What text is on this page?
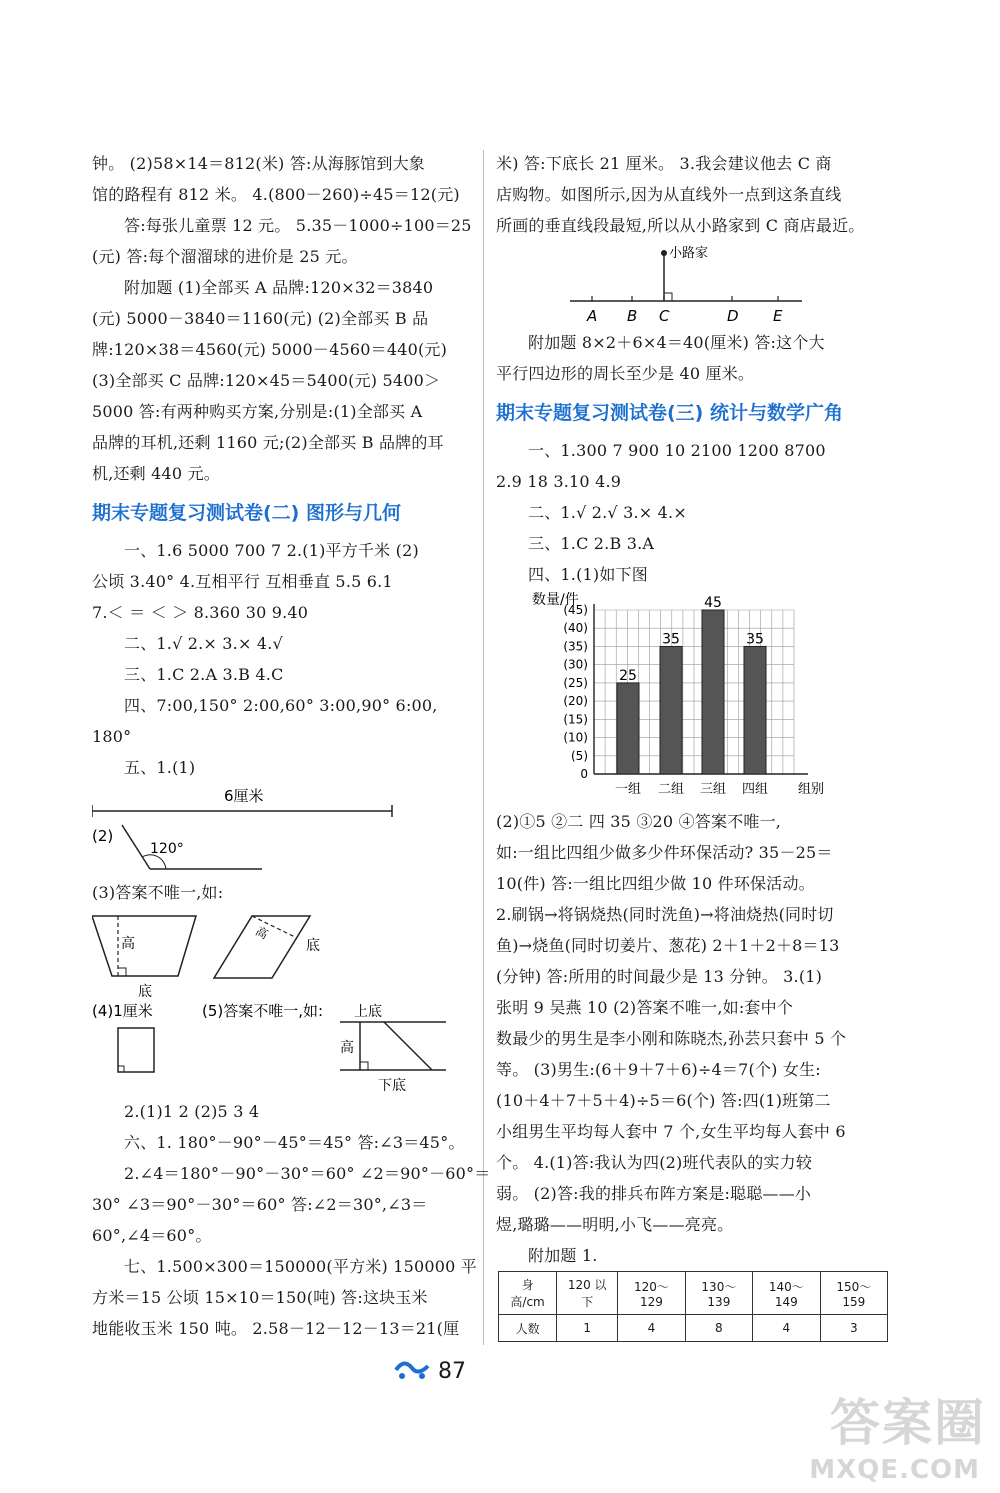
钟。 (2)58×14＝812(米) 答:从海豚馆到大象
馆的路程有 812 米。 4.(800－260)÷45＝12(元)
答:每张儿童票 12 元。 5.35－1000÷100＝25
(元) 答:每个溜溜球的进价是 25 元。
附加题 (1)全部买 A 品牌:120×32＝3840
(元) 5000－3840＝1160(元) (2)全部买 B 品
牌:120×38＝4560(元) 5000－4560＝440(元)
(3)全部买 C 品牌:120×45＝5400(元) 5400＞
5000 答:有两种购买方案,分别是:(1)全部买 A
品牌的耳机,还剩 1160 元;(2)全部买 B 品牌的耳
机,还剩 440 元。
期末专题复习测试卷(二) 图形与几何
一、1.6 5000 700 7 2.(1)平方千米 (2)
公顷 3.40° 4.互相平行 互相垂直 5.5 6.1
7.＜ ＝ ＜ ＞ 8.360 30 9.40
二、1.√ 2.× 3.× 4.√
三、1.C 2.A 3.B 4.C
四、7:00,150° 2:00,60° 3:00,90° 6:00,
180°
五、1.(1)
6厘米
(2)
120°
(3)答案不唯一,如:
高
底
高
底
(4)1厘米	(5)答案不唯一,如: 上底
高
下底
2.(1)1 2 (2)5 3 4
六、1. 180°－90°－45°＝45° 答:∠3＝45°。
2.∠4＝180°－90°－30°＝60° ∠2＝90°－60°＝
30° ∠3＝90°－30°＝60° 答:∠2＝30°,∠3＝
60°,∠4＝60°。
七、1.500×300＝150000(平方米) 150000 平
方米＝15 公顷 15×10＝150(吨) 答:这块玉米
地能收玉米 150 吨。 2.58－12－12－13＝21(厘
米) 答:下底长 21 厘米。 3.我会建议他去 C 商
店购物。如图所示,因为从直线外一点到这条直线
所画的垂直线段最短,所以从小路家到 C 商店最近。
小路家
A B C	D E
附加题 8×2＋6×4＝40(厘米) 答:这个大
平行四边形的周长至少是 40 厘米。
期末专题复习测试卷(三) 统计与数学广角
一、1.300 7 900 10 2100 1200 8700
2.9 18 3.10 4.9
二、1.√ 2.√ 3.× 4.×
三、1.C 2.B 3.A
四、1.(1)如下图
数量/件
0
(5)
(10)
(15)
(20)
(25)
(30)
(35)
(40)
(45)
25
一组
35
二组
45
三组
35
四组 组别
(2)①5 ②二 四 35 ③20 ④答案不唯一,
如:一组比四组少做多少件环保活动? 35－25＝
10(件) 答:一组比四组少做 10 件环保活动。
2.刷锅→将锅烧热(同时洗鱼)→将油烧热(同时切
鱼)→烧鱼(同时切姜片、葱花) 2＋1＋2＋8＝13
(分钟) 答:所用的时间最少是 13 分钟。 3.(1)
张明 9 吴燕 10 (2)答案不唯一,如:套中个
数最少的男生是李小刚和陈晓杰,孙芸只套中 5 个
等。 (3)男生:(6＋9＋7＋6)÷4＝7(个) 女生:
(10＋4＋7＋5＋4)÷5＝6(个) 答:四(1)班第二
小组男生平均每人套中 7 个,女生平均每人套中 6
个。 4.(1)答:我认为四(2)班代表队的实力较
弱。 (2)答:我的排兵布阵方案是:聪聪——小
煜,璐璐——明明,小飞——亮亮。
附加题 1.
身高/cm	120 以下	120～129	130～139	140～149	150～159
人数	1	4	8	4	3
87
答案圈
MXQE.COM
